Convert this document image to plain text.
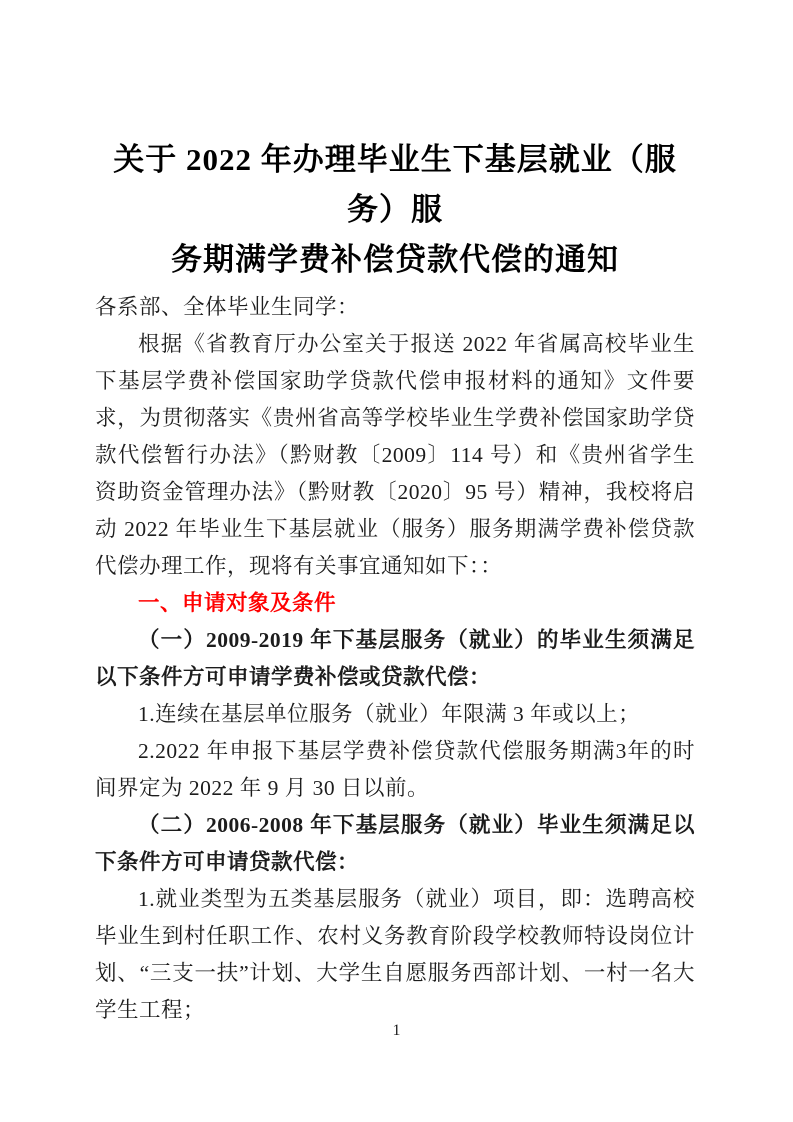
关于 2022 年办理毕业生下基层就业（服务）服
务期满学费补偿贷款代偿的通知

各系部、全体毕业生同学：

根据《省教育厅办公室关于报送 2022 年省属高校毕业生下基层学费补偿国家助学贷款代偿申报材料的通知》文件要求，为贯彻落实《贵州省高等学校毕业生学费补偿国家助学贷款代偿暂行办法》（黔财教〔2009〕114 号）和《贵州省学生资助资金管理办法》（黔财教〔2020〕95 号）精神，我校将启动 2022 年毕业生下基层就业（服务）服务期满学费补偿贷款代偿办理工作，现将有关事宜通知如下：：

一、申请对象及条件

（一）2009-2019 年下基层服务（就业）的毕业生须满足以下条件方可申请学费补偿或贷款代偿：

1.连续在基层单位服务（就业）年限满 3 年或以上；

2.2022 年申报下基层学费补偿贷款代偿服务期满3年的时间界定为 2022 年 9 月 30 日以前。

（二）2006-2008 年下基层服务（就业）毕业生须满足以下条件方可申请贷款代偿：

1.就业类型为五类基层服务（就业）项目，即：选聘高校毕业生到村任职工作、农村义务教育阶段学校教师特设岗位计划、“三支一扶”计划、大学生自愿服务西部计划、一村一名大学生工程；

1
